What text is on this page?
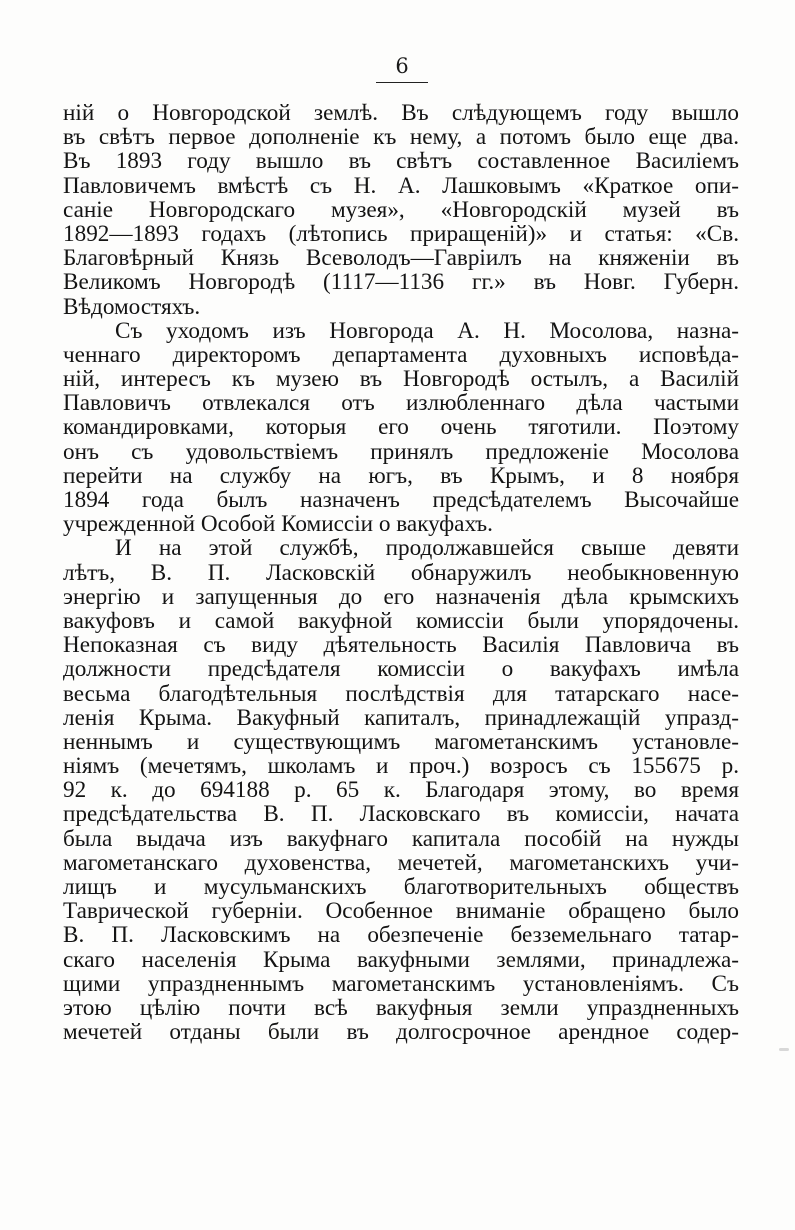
6
ній о Новгородской землѣ. Въ слѣдующемъ году вышло
въ свѣтъ первое дополненіе къ нему, а потомъ было еще два.
Въ 1893 году вышло въ свѣтъ составленное Василіемъ
Павловичемъ вмѣстѣ съ Н. А. Лашковымъ «Краткое опи-
саніе Новгородскаго музея», «Новгородскій музей въ
1892—1893 годахъ (лѣтопись приращеній)» и статья: «Св.
Благовѣрный Князь Всеволодъ—Гавріилъ на княженіи въ
Великомъ Новгородѣ (1117—1136 гг.» въ Новг. Губерн.
Вѣдомостяхъ.
Съ уходомъ изъ Новгорода А. Н. Мосолова, назна-
ченнаго директоромъ департамента духовныхъ исповѣда-
ній, интересъ къ музею въ Новгородѣ остылъ, а Василій
Павловичъ отвлекался отъ излюбленнаго дѣла частыми
командировками, которыя его очень тяготили. Поэтому
онъ съ удовольствіемъ принялъ предложеніе Мосолова
перейти на службу на югъ, въ Крымъ, и 8 ноября
1894 года былъ назначенъ предсѣдателемъ Высочайше
учрежденной Особой Комиссіи о вакуфахъ.
И на этой службѣ, продолжавшейся свыше девяти
лѣтъ, В. П. Ласковскій обнаружилъ необыкновенную
энергію и запущенныя до его назначенія дѣла крымскихъ
вакуфовъ и самой вакуфной комиссіи были упорядочены.
Непоказная съ виду дѣятельность Василія Павловича въ
должности предсѣдателя комиссіи о вакуфахъ имѣла
весьма благодѣтельныя послѣдствія для татарскаго насе-
ленія Крыма. Вакуфный капиталъ, принадлежащій упразд-
неннымъ и существующимъ магометанскимъ установле-
ніямъ (мечетямъ, школамъ и проч.) возросъ съ 155675 р.
92 к. до 694188 р. 65 к. Благодаря этому, во время
предсѣдательства В. П. Ласковскаго въ комиссіи, начата
была выдача изъ вакуфнаго капитала пособій на нужды
магометанскаго духовенства, мечетей, магометанскихъ учи-
лищъ и мусульманскихъ благотворительныхъ обществъ
Таврической губерніи. Особенное вниманіе обращено было
В. П. Ласковскимъ на обезпеченіе безземельнаго татар-
скаго населенія Крыма вакуфными землями, принадлежа-
щими упраздненнымъ магометанскимъ установленіямъ. Съ
этою цѣлію почти всѣ вакуфныя земли упраздненныхъ
мечетей отданы были въ долгосрочное арендное содер-
